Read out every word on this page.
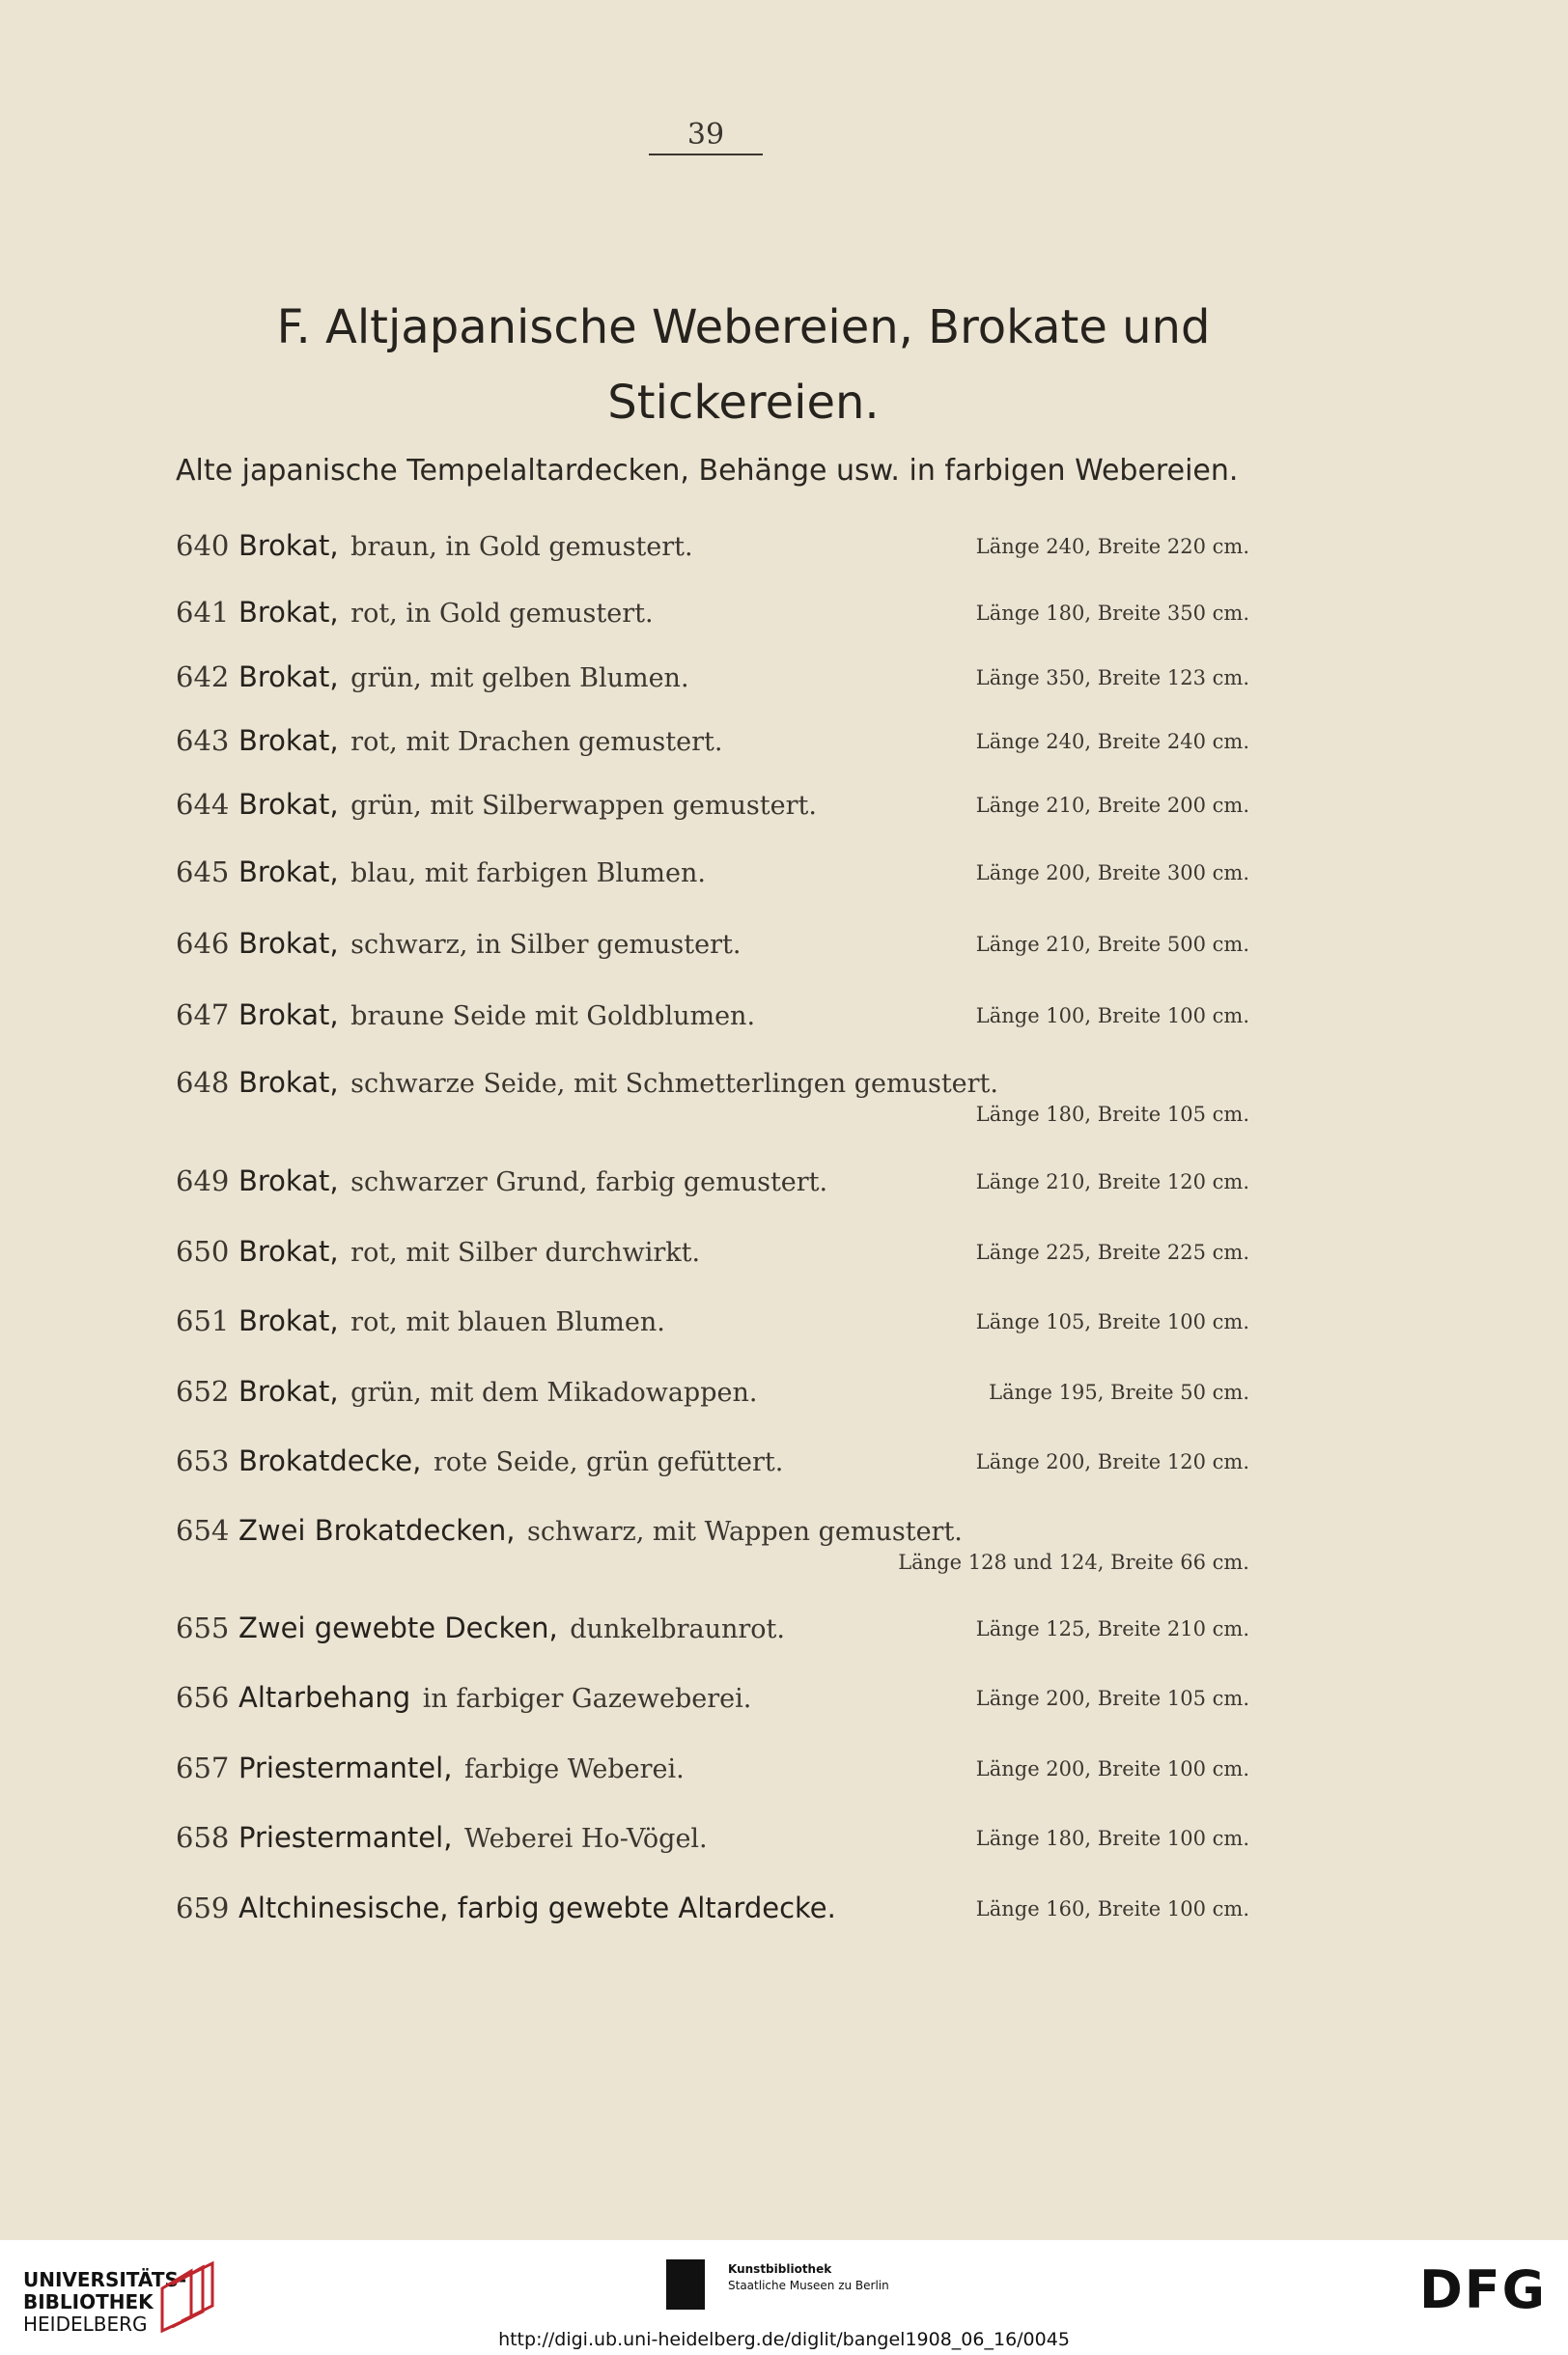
39
F. Altjapanische Webereien, Brokate und
Stickereien.
Alte japanische Tempelaltardecken, Behänge usw. in farbigen Webereien.
640 Brokat, braun, in Gold gemustert.	Länge 240, Breite 220 cm.
641 Brokat, rot, in Gold gemustert.	Länge 180, Breite 350 cm.
642 Brokat, grün, mit gelben Blumen.	Länge 350, Breite 123 cm.
643 Brokat, rot, mit Drachen gemustert.	Länge 240, Breite 240 cm.
644 Brokat, grün, mit Silberwappen gemustert.	Länge 210, Breite 200 cm.
645 Brokat, blau, mit farbigen Blumen.	Länge 200, Breite 300 cm.
646 Brokat, schwarz, in Silber gemustert.	Länge 210, Breite 500 cm.
647 Brokat, braune Seide mit Goldblumen.	Länge 100, Breite 100 cm.
648 Brokat, schwarze Seide, mit Schmetterlingen gemustert.
Länge 180, Breite 105 cm.
649 Brokat, schwarzer Grund, farbig gemustert.	Länge 210, Breite 120 cm.
650 Brokat, rot, mit Silber durchwirkt.	Länge 225, Breite 225 cm.
651 Brokat, rot, mit blauen Blumen.	Länge 105, Breite 100 cm.
652 Brokat, grün, mit dem Mikadowappen.	Länge 195, Breite 50 cm.
653 Brokatdecke, rote Seide, grün gefüttert.	Länge 200, Breite 120 cm.
654 Zwei Brokatdecken, schwarz, mit Wappen gemustert.
Länge 128 und 124, Breite 66 cm.
655 Zwei gewebte Decken, dunkelbraunrot.	Länge 125, Breite 210 cm.
656 Altarbehang in farbiger Gazeweberei.	Länge 200, Breite 105 cm.
657 Priestermantel, farbige Weberei.	Länge 200, Breite 100 cm.
658 Priestermantel, Weberei Ho-Vögel.	Länge 180, Breite 100 cm.
659 Altchinesische, farbig gewebte Altardecke.	Länge 160, Breite 100 cm.
UNIVERSITÄTS-
BIBLIOTHEK
HEIDELBERG
Kunstbibliothek
Staatliche Museen zu Berlin	DFG
http://digi.ub.uni-heidelberg.de/diglit/bangel1908_06_16/0045
